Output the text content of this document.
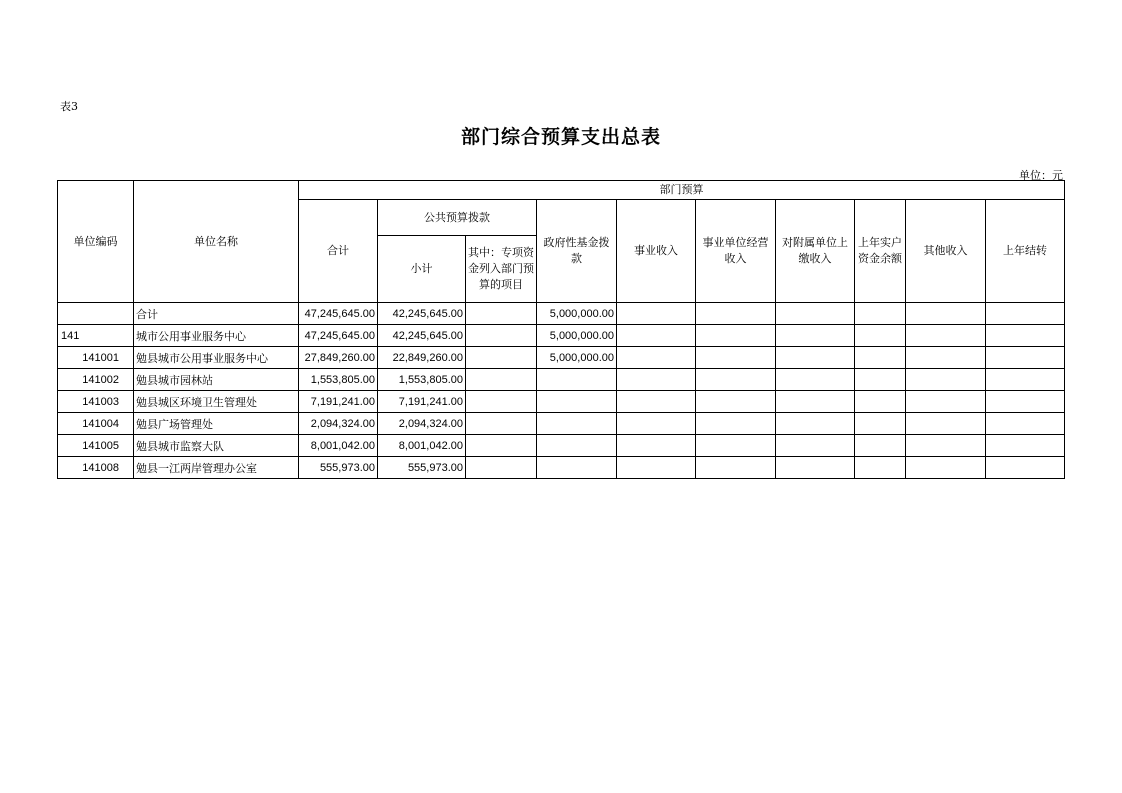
表3
部门综合预算支出总表
单位：元
单位编码	单位名称	部门预算									
		合计	公共预算拨款		政府性基金拨款	事业收入	事业单位经营收入	对附属单位上缴收入	上年实户资金余额	其他收入	上年结转
			小计	其中：专项资金列入部门预算的项目							
	合计	47,245,645.00	42,245,645.00		5,000,000.00						
141	城市公用事业服务中心	47,245,645.00	42,245,645.00		5,000,000.00						
141001	勉县城市公用事业服务中心	27,849,260.00	22,849,260.00		5,000,000.00						
141002	勉县城市园林站	1,553,805.00	1,553,805.00								
141003	勉县城区环境卫生管理处	7,191,241.00	7,191,241.00								
141004	勉县广场管理处	2,094,324.00	2,094,324.00								
141005	勉县城市监察大队	8,001,042.00	8,001,042.00								
141008	勉县一江两岸管理办公室	555,973.00	555,973.00								
